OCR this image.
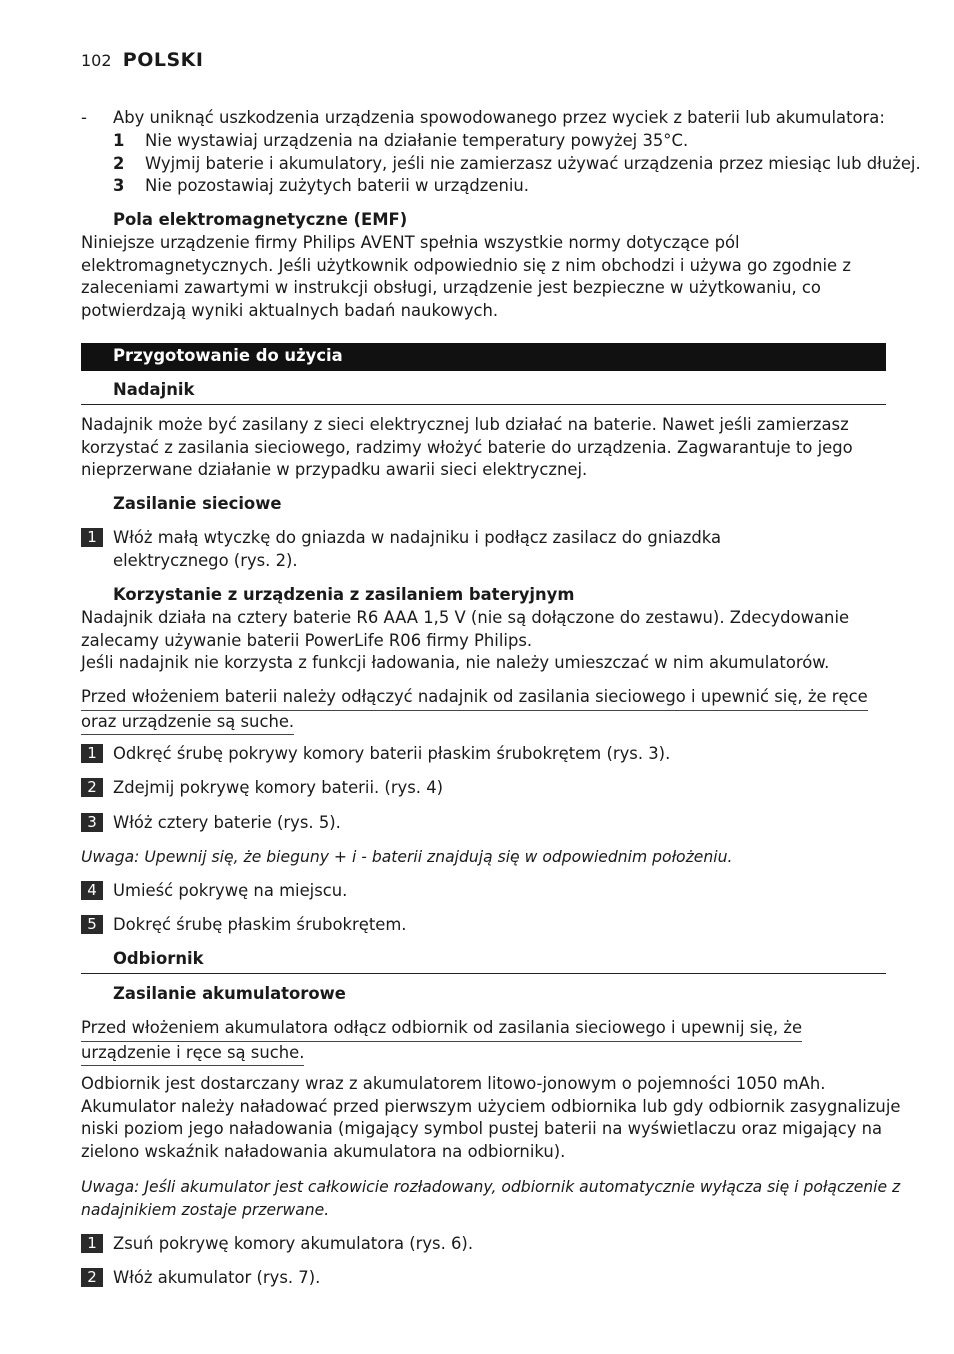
102 POLSKI
- Aby uniknąć uszkodzenia urządzenia spowodowanego przez wyciek z baterii lub akumulatora:
1 Nie wystawiaj urządzenia na działanie temperatury powyżej 35°C.
2 Wyjmij baterie i akumulatory, jeśli nie zamierzasz używać urządzenia przez miesiąc lub dłużej.
3 Nie pozostawiaj zużytych baterii w urządzeniu.
Pola elektromagnetyczne (EMF)
Niniejsze urządzenie firmy Philips AVENT spełnia wszystkie normy dotyczące pól
elektromagnetycznych. Jeśli użytkownik odpowiednio się z nim obchodzi i używa go zgodnie z
zaleceniami zawartymi w instrukcji obsługi, urządzenie jest bezpieczne w użytkowaniu, co
potwierdzają wyniki aktualnych badań naukowych.
Przygotowanie do użycia
Nadajnik
Nadajnik może być zasilany z sieci elektrycznej lub działać na baterie. Nawet jeśli zamierzasz
korzystać z zasilania sieciowego, radzimy włożyć baterie do urządzenia. Zagwarantuje to jego
nieprzerwane działanie w przypadku awarii sieci elektrycznej.
Zasilanie sieciowe
1 Włóż małą wtyczkę do gniazda w nadajniku i podłącz zasilacz do gniazdka
elektrycznego (rys. 2).
Korzystanie z urządzenia z zasilaniem bateryjnym
Nadajnik działa na cztery baterie R6 AAA 1,5 V (nie są dołączone do zestawu). Zdecydowanie
zalecamy używanie baterii PowerLife R06 firmy Philips.
Jeśli nadajnik nie korzysta z funkcji ładowania, nie należy umieszczać w nim akumulatorów.
Przed włożeniem baterii należy odłączyć nadajnik od zasilania sieciowego i upewnić się, że ręce
oraz urządzenie są suche.
1 Odkręć śrubę pokrywy komory baterii płaskim śrubokrętem (rys. 3).
2 Zdejmij pokrywę komory baterii. (rys. 4)
3 Włóż cztery baterie (rys. 5).
Uwaga: Upewnij się, że bieguny + i - baterii znajdują się w odpowiednim położeniu.
4 Umieść pokrywę na miejscu.
5 Dokręć śrubę płaskim śrubokrętem.
Odbiornik
Zasilanie akumulatorowe
Przed włożeniem akumulatora odłącz odbiornik od zasilania sieciowego i upewnij się, że
urządzenie i ręce są suche.
Odbiornik jest dostarczany wraz z akumulatorem litowo-jonowym o pojemności 1050 mAh.
Akumulator należy naładować przed pierwszym użyciem odbiornika lub gdy odbiornik zasygnalizuje
niski poziom jego naładowania (migający symbol pustej baterii na wyświetlaczu oraz migający na
zielono wskaźnik naładowania akumulatora na odbiorniku).
Uwaga: Jeśli akumulator jest całkowicie rozładowany, odbiornik automatycznie wyłącza się i połączenie z
nadajnikiem zostaje przerwane.
1 Zsuń pokrywę komory akumulatora (rys. 6).
2 Włóż akumulator (rys. 7).
